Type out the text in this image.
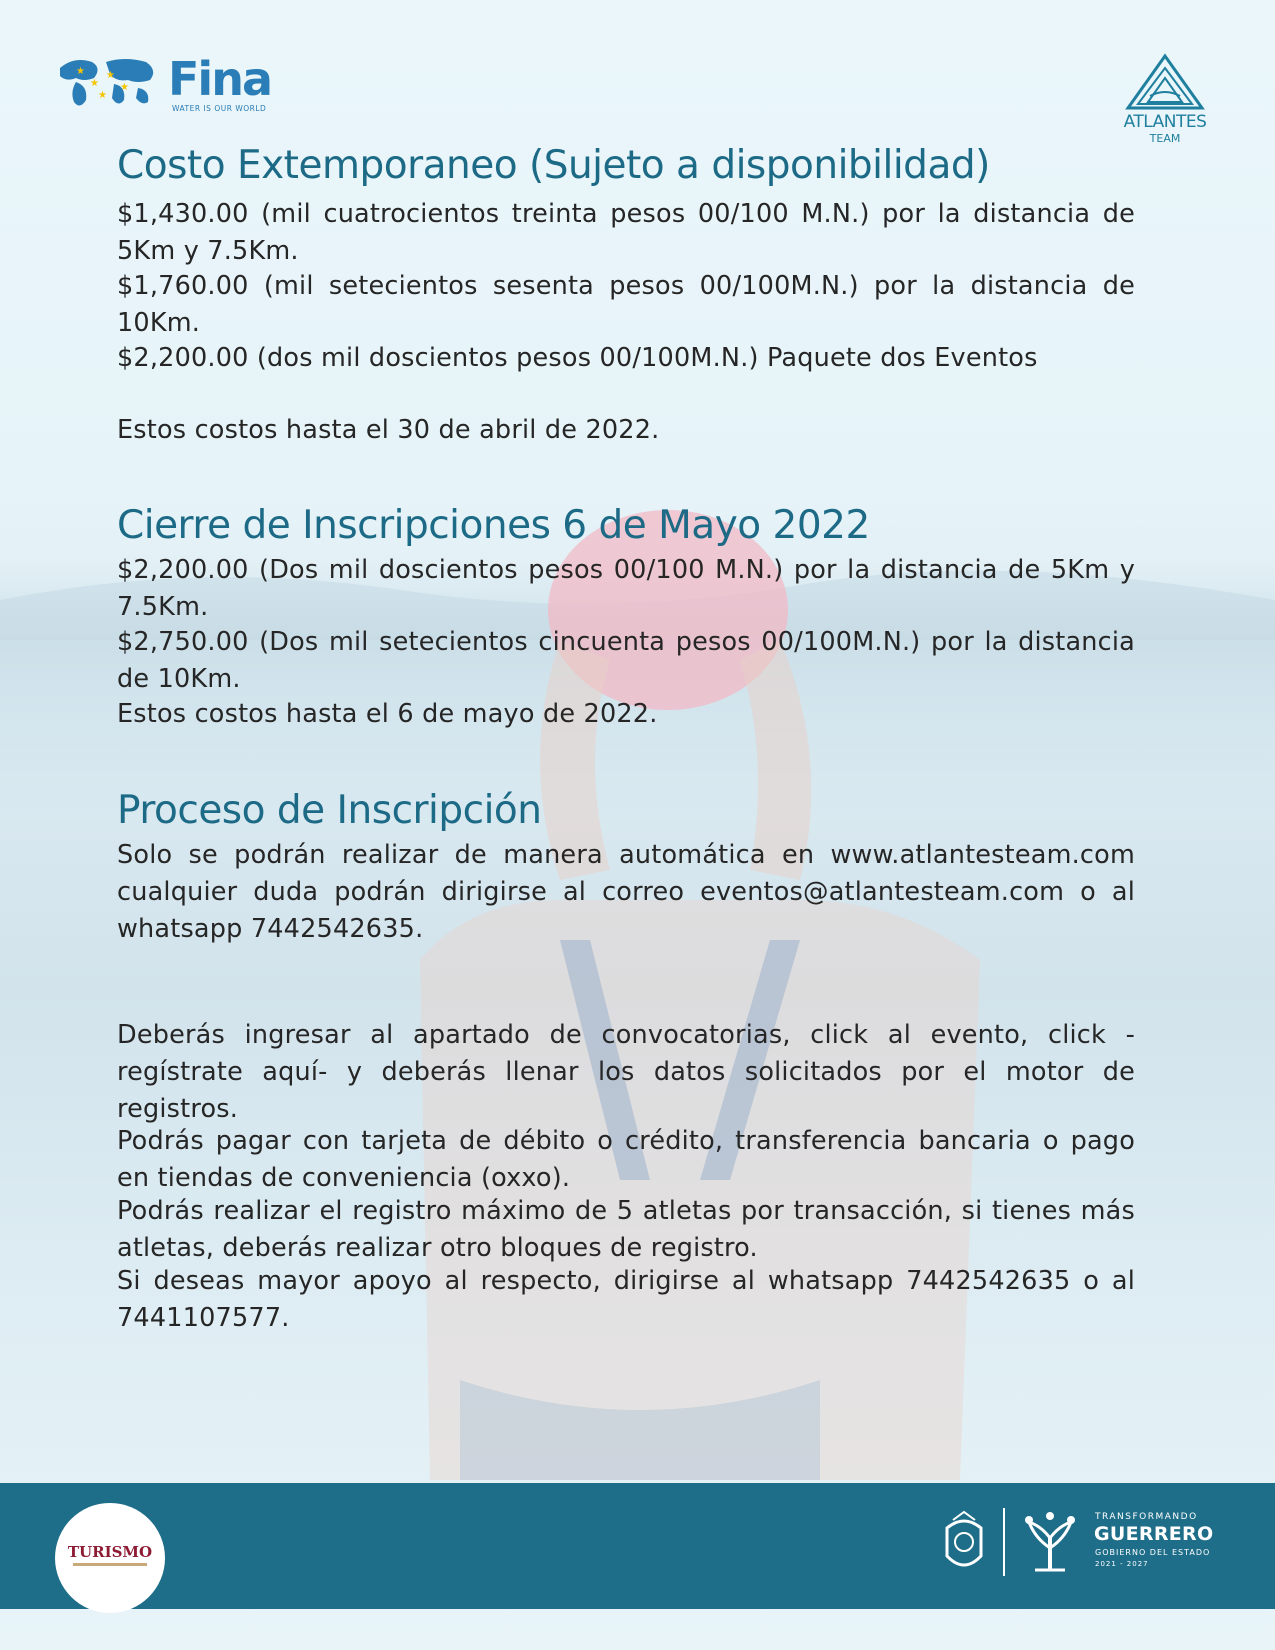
★
★
★
★
★ Fina
WATER IS OUR WORLD
ATLANTES
TEAM
Costo Extemporaneo (Sujeto a disponibilidad)

$1,430.00 (mil cuatrocientos treinta pesos 00/100 M.N.) por la distancia de 5Km y 7.5Km.

$1,760.00 (mil setecientos sesenta pesos 00/100M.N.) por la distancia de 10Km.

$2,200.00 (dos mil doscientos pesos 00/100M.N.) Paquete dos Eventos

Estos costos hasta el 30 de abril de 2022.

Cierre de Inscripciones 6 de Mayo 2022

$2,200.00 (Dos mil doscientos pesos 00/100 M.N.) por la distancia de 5Km y 7.5Km.

$2,750.00 (Dos mil setecientos cincuenta pesos 00/100M.N.) por la distancia de 10Km.

Estos costos hasta el 6 de mayo de 2022.

Proceso de Inscripción

Solo se podrán realizar de manera automática en www.atlantesteam.com cualquier duda podrán dirigirse al correo eventos@atlantesteam.com o al whatsapp 7442542635.

Deberás ingresar al apartado de convocatorias, click al evento, click - regístrate aquí- y deberás llenar los datos solicitados por el motor de registros.

Podrás pagar con tarjeta de débito o crédito, transferencia bancaria o pago en tiendas de conveniencia (oxxo).

Podrás realizar el registro máximo de 5 atletas por transacción, si tienes más atletas, deberás realizar otro bloques de registro.

Si deseas mayor apoyo al respecto, dirigirse al whatsapp 7442542635 o al 7441107577.

TURISMO
TRANSFORMANDO
GUERRERO
GOBIERNO DEL ESTADO
2021 - 2027
